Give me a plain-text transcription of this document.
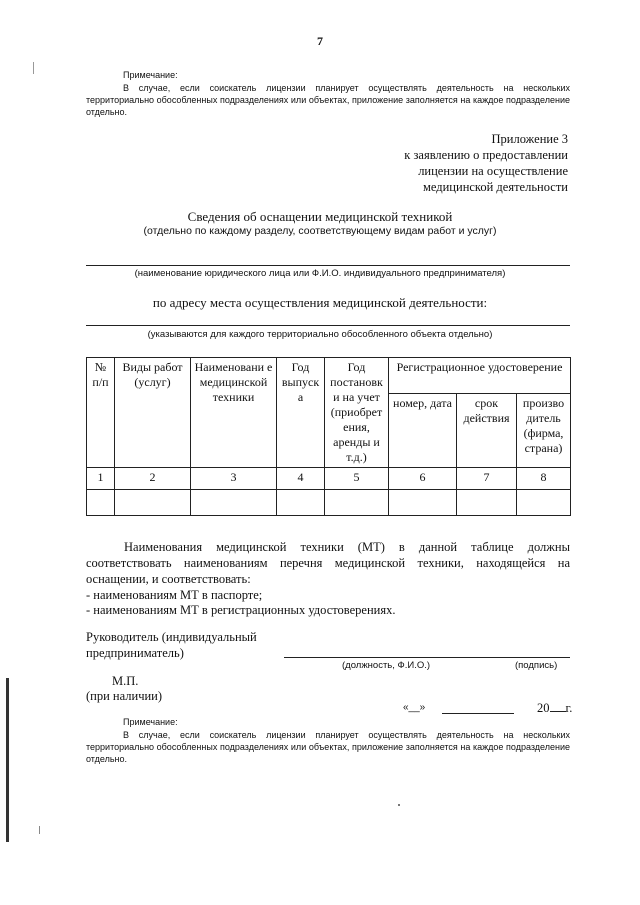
7
Примечание:
В случае, если соискатель лицензии планирует осуществлять деятельность на нескольких территориально обособленных подразделениях или объектах, приложение заполняется на каждое подразделение отдельно.
Приложение 3
к заявлению о предоставлении
лицензии на осуществление
медицинской деятельности
Сведения об оснащении медицинской техникой
(отдельно по каждому разделу, соответствующему видам работ и услуг)
(наименование юридического лица или Ф.И.О. индивидуального предпринимателя)
по адресу места осуществления медицинской деятельности:
(указываются для каждого территориально обособленного объекта отдельно)
№ п/п	Виды работ (услуг)	Наименовани е медицинской техники	Год выпуск а	Год постановк и на учет (приобрет ения, аренды и т.д.)	Регистрационное удостоверение		
					номер, дата	срок действия	произво дитель (фирма, страна)
1	2	3	4	5	6	7	8

Наименования медицинской техники (МТ) в данной таблице должны соответствовать наименованиям перечня медицинской техники, находящейся на оснащении, и соответствовать:
- наименованиям МТ в паспорте;
- наименованиям МТ в регистрационных удостоверениях.
Руководитель (индивидуальный
предприниматель)
(должность, Ф.И.О.)	(подпись)
М.П.
(при наличии)
«__»	20 г.
Примечание:
В случае, если соискатель лицензии планирует осуществлять деятельность на нескольких территориально обособленных подразделениях или объектах, приложение заполняется на каждое подразделение отдельно.
